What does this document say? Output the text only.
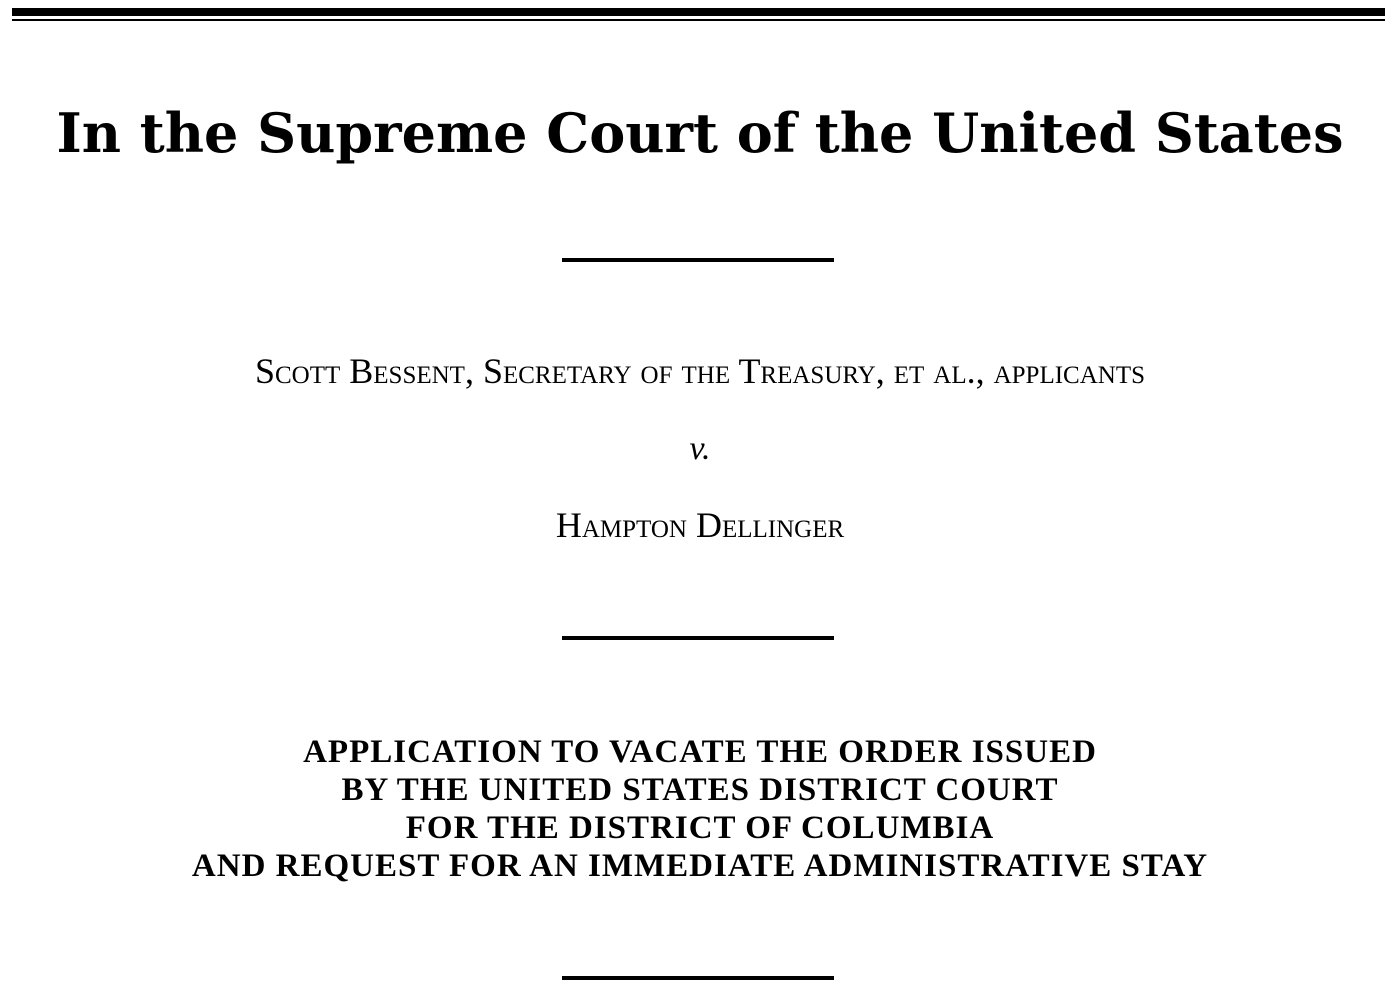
In the Supreme Court of the United States
Scott Bessent, Secretary of the Treasury, et al., applicants
v.
Hampton Dellinger
APPLICATION TO VACATE THE ORDER ISSUED
BY THE UNITED STATES DISTRICT COURT
FOR THE DISTRICT OF COLUMBIA
AND REQUEST FOR AN IMMEDIATE ADMINISTRATIVE STAY
